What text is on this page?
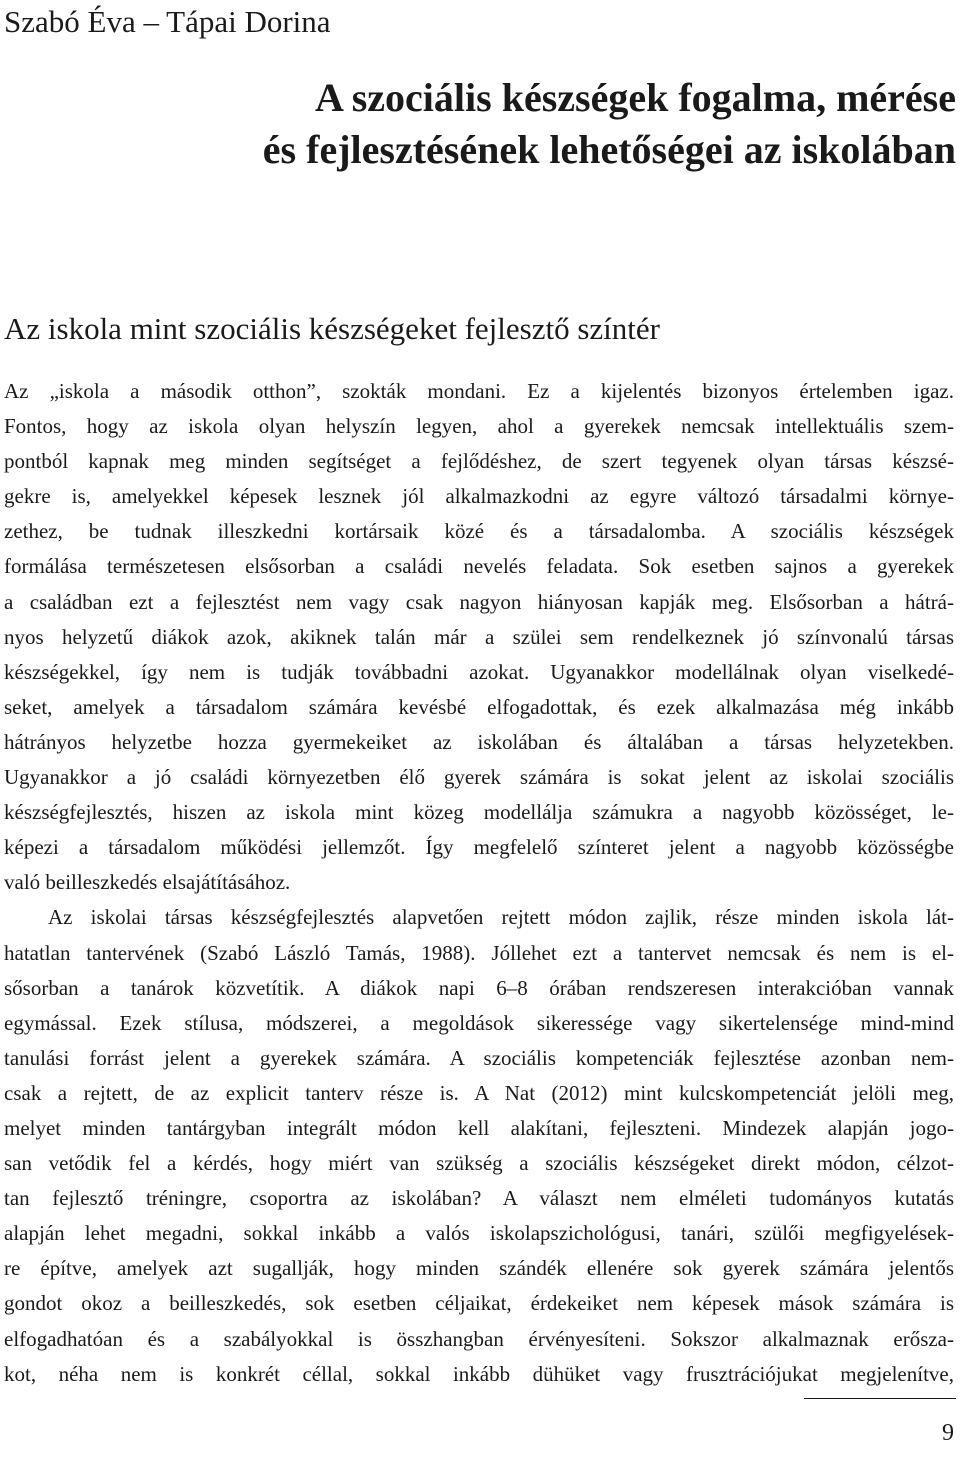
Szabó Éva – Tápai Dorina
A szociális készségek fogalma, mérése
és fejlesztésének lehetőségei az iskolában
Az iskola mint szociális készségeket fejlesztő színtér

Az „iskola a második otthon”, szokták mondani. Ez a kijelentés bizonyos értelemben igaz.
Fontos, hogy az iskola olyan helyszín legyen, ahol a gyerekek nemcsak intellektuális szem-
pontból kapnak meg minden segítséget a fejlődéshez, de szert tegyenek olyan társas készsé-
gekre is, amelyekkel képesek lesznek jól alkalmazkodni az egyre változó társadalmi környe-
zethez, be tudnak illeszkedni kortársaik közé és a társadalomba. A szociális készségek
formálása természetesen elsősorban a családi nevelés feladata. Sok esetben sajnos a gyerekek
a családban ezt a fejlesztést nem vagy csak nagyon hiányosan kapják meg. Elsősorban a hátrá-
nyos helyzetű diákok azok, akiknek talán már a szülei sem rendelkeznek jó színvonalú társas
készségekkel, így nem is tudják továbbadni azokat. Ugyanakkor modellálnak olyan viselkedé-
seket, amelyek a társadalom számára kevésbé elfogadottak, és ezek alkalmazása még inkább
hátrányos helyzetbe hozza gyermekeiket az iskolában és általában a társas helyzetekben.
Ugyanakkor a jó családi környezetben élő gyerek számára is sokat jelent az iskolai szociális
készségfejlesztés, hiszen az iskola mint közeg modellálja számukra a nagyobb közösséget, le-
képezi a társadalom működési jellemzőt. Így megfelelő színteret jelent a nagyobb közösségbe
való beilleszkedés elsajátításához.

Az iskolai társas készségfejlesztés alapvetően rejtett módon zajlik, része minden iskola lát-
hatatlan tantervének (Szabó László Tamás, 1988). Jóllehet ezt a tantervet nemcsak és nem is el-
sősorban a tanárok közvetítik. A diákok napi 6–8 órában rendszeresen interakcióban vannak
egymással. Ezek stílusa, módszerei, a megoldások sikeressége vagy sikertelensége mind-mind
tanulási forrást jelent a gyerekek számára. A szociális kompetenciák fejlesztése azonban nem-
csak a rejtett, de az explicit tanterv része is. A Nat (2012) mint kulcskompetenciát jelöli meg,
melyet minden tantárgyban integrált módon kell alakítani, fejleszteni. Mindezek alapján jogo-
san vetődik fel a kérdés, hogy miért van szükség a szociális készségeket direkt módon, célzot-
tan fejlesztő tréningre, csoportra az iskolában? A választ nem elméleti tudományos kutatás
alapján lehet megadni, sokkal inkább a valós iskolapszichológusi, tanári, szülői megfigyelések-
re építve, amelyek azt sugallják, hogy minden szándék ellenére sok gyerek számára jelentős
gondot okoz a beilleszkedés, sok esetben céljaikat, érdekeiket nem képesek mások számára is
elfogadhatóan és a szabályokkal is összhangban érvényesíteni. Sokszor alkalmaznak erősza-
kot, néha nem is konkrét céllal, sokkal inkább dühüket vagy frusztrációjukat megjelenítve,

9
